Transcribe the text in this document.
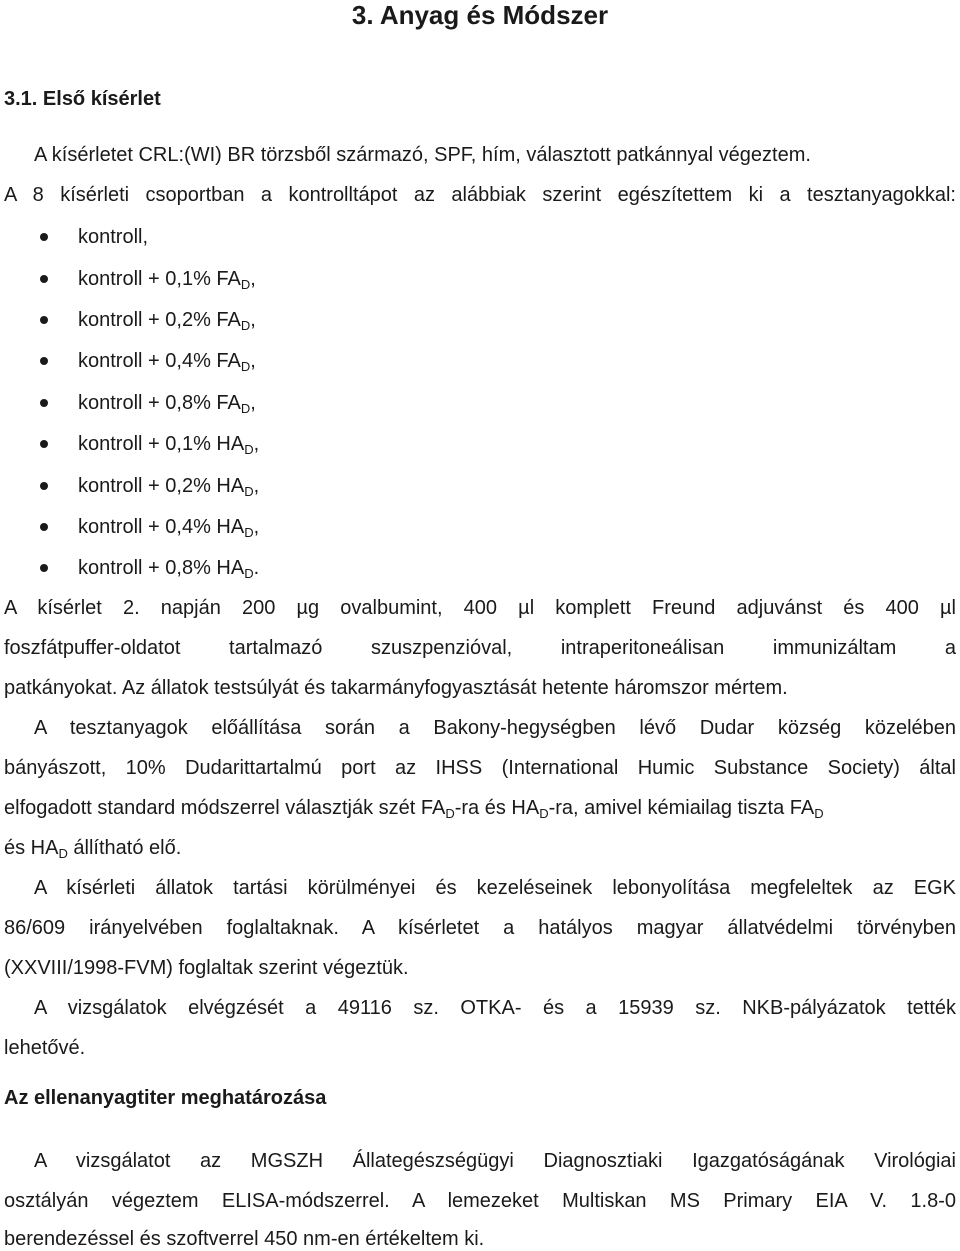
3. Anyag és Módszer
3.1. Első kísérlet
A kísérletet CRL:(WI) BR törzsből származó, SPF, hím, választott patkánnyal végeztem.
A 8 kísérleti csoportban a kontrolltápot az alábbiak szerint egészítettem ki a tesztanyagokkal:
kontroll,
kontroll + 0,1% $FA_D$,
kontroll + 0,2% $FA_D$,
kontroll + 0,4% $FA_D$,
kontroll + 0,8% $FA_D$,
kontroll + 0,1% $HA_D$,
kontroll + 0,2% $HA_D$,
kontroll + 0,4% $HA_D$,
kontroll + 0,8% $HA_D$.
A kísérlet 2. napján 200 µg ovalbumint, 400 µl komplett Freund adjuvánst és 400 µl
foszfátpuffer-oldatot tartalmazó szuszpenzióval, intraperitoneálisan immunizáltam a
patkányokat. Az állatok testsúlyát és takarmányfogyasztását hetente háromszor mértem.
A tesztanyagok előállítása során a Bakony-hegységben lévő Dudar község közelében
bányászott, 10% Dudarittartalmú port az IHSS (International Humic Substance Society) által
elfogadott standard módszerrel választják szét $FA_D-ra$ és $HA_D-ra$, amivel kémiailag tiszta $FA_D$
és $HA_D$ állítható elő.
A kísérleti állatok tartási körülményei és kezeléseinek lebonyolítása megfeleltek az EGK
86/609 irányelvében foglaltaknak. A kísérletet a hatályos magyar állatvédelmi törvényben
(XXVIII/1998-FVM) foglaltak szerint végeztük.
A vizsgálatok elvégzését a 49116 sz. OTKA- és a 15939 sz. NKB-pályázatok tették
lehetővé.
Az ellenanyagtiter meghatározása
A vizsgálatot az MGSZH Állategészségügyi Diagnosztiaki Igazgatóságának Virológiai
osztályán végeztem ELISA-módszerrel. A lemezeket Multiskan MS Primary EIA V. 1.8-0
berendezéssel és szoftverrel 450 nm-en értékeltem ki.
